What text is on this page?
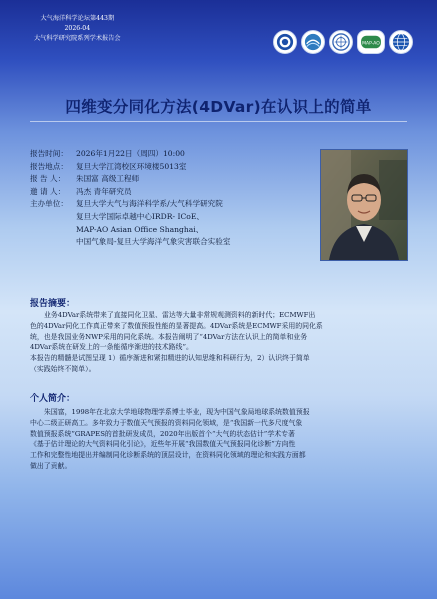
大气海洋科学论坛第443期
2026-04
大气科学研究院系列学术报告会
MAP-AO
四维变分同化方法(4DVar)在认识上的简单
报告时间：	2026年1月22日（周四）10:00
报告地点：	复旦大学江湾校区环境楼5013室
报 告 人：	朱国富 高级工程师
邀 请 人：	冯杰 青年研究员
主办单位：	复旦大学大气与海洋科学系/大气科学研究院
复旦大学国际卓越中心IRDR- ICoE、
MAP-AO Asian Office Shanghai、
中国气象局-复旦大学海洋气象灾害联合实验室
报告摘要：
业务4DVar系统带来了直接同化卫星、雷达等大量非常规观测资料的新时代；ECMWF出
色的4DVar同化工作真正带来了数值预报性能的显著提高。4DVar系统是ECMWF采用的同化系
统，也是我国业务NWP采用的同化系统。本报告阐明了“4DVar方法在认识上的简单和业务
4DVar系统在研发上的一条能循序渐进的技术路线”。
本报告的精髓是试图呈现 1）循序渐进和紧扣精进的认知思维和科研行为，2）认识终于简单
（实践始终不简单）。
个人简介：
朱国富，1998年在北京大学地球物理学系博士毕业，现为中国气象局地球系统数值预报
中心二级正研高工。多年致力于数值天气预报的资料同化领域，是“我国新一代多尺度气象
数值预报系统”GRAPES的首批研发成员，2020年出版首个“大气的状态估计”学术专著
《基于估计理论的大气资料同化引论》，近些年开展“我国数值天气预报同化诊断”方向性
工作和完整性地提出并编制同化诊断系统的顶层设计，在资料同化领域的理论和实践方面都
做出了贡献。
